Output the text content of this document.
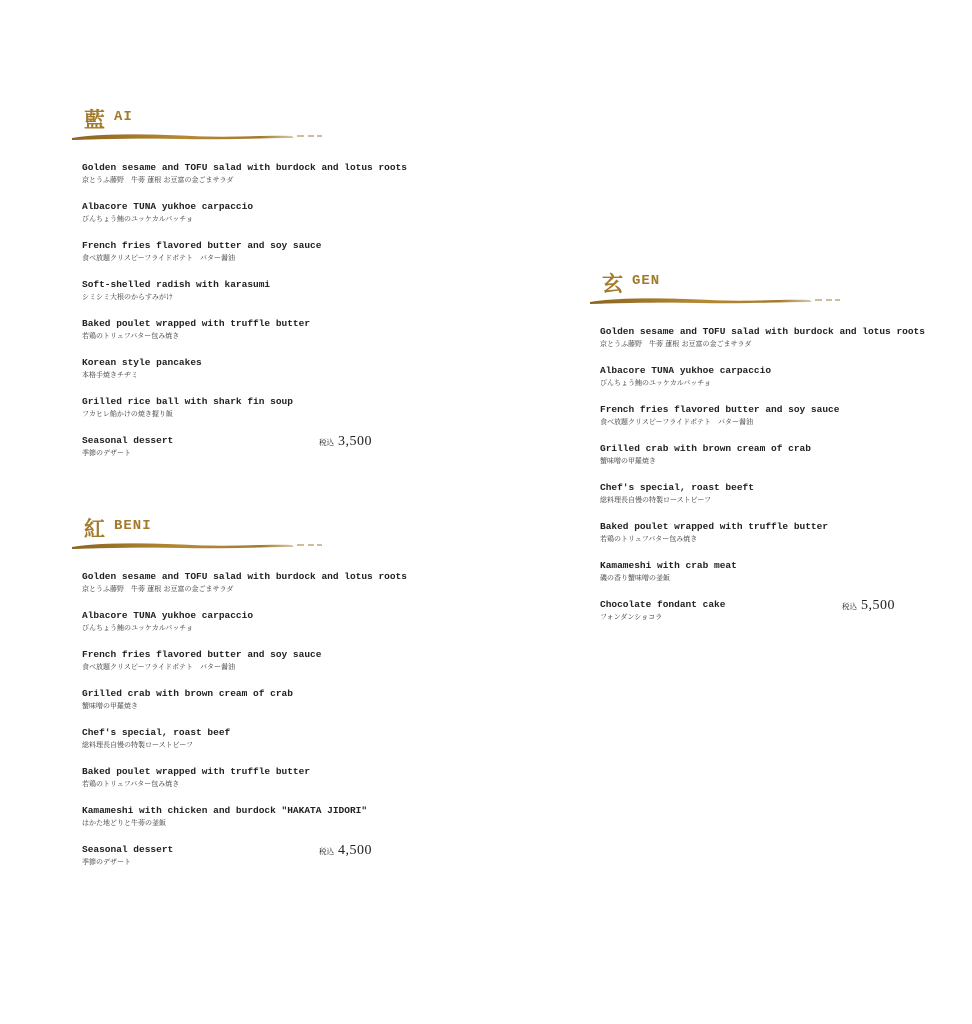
藍 AI
Golden sesame and TOFU salad with burdock and lotus roots
京とうふ藤野　牛蒡 蓮根 お豆富の金ごまサラダ
Albacore TUNA yukhoe carpaccio
びんちょう鮪のユッケカルパッチョ
French fries flavored butter and soy sauce
食べ放題クリスピーフライドポテト　バター醤油
Soft-shelled radish with karasumi
シミシミ大根のからすみがけ
Baked poulet wrapped with truffle butter
若鶏のトリュフバター包み焼き
Korean style pancakes
本格手焼きチヂミ
Grilled rice ball with shark fin soup
フカヒレ餡かけの焼き握り飯
Seasonal dessert
季節のデザート
税込 3,500
紅 BENI
Golden sesame and TOFU salad with burdock and lotus roots
京とうふ藤野　牛蒡 蓮根 お豆富の金ごまサラダ
Albacore TUNA yukhoe carpaccio
びんちょう鮪のユッケカルパッチョ
French fries flavored butter and soy sauce
食べ放題クリスピーフライドポテト　バター醤油
Grilled crab with brown cream of crab
蟹味噌の甲羅焼き
Chef's special, roast beef
総料理長自慢の特製ローストビーフ
Baked poulet wrapped with truffle butter
若鶏のトリュフバター包み焼き
Kamameshi with chicken and burdock "HAKATA JIDORI"
はかた地どりと牛蒡の釜飯
Seasonal dessert
季節のデザート
税込 4,500
玄 GEN
Golden sesame and TOFU salad with burdock and lotus roots
京とうふ藤野　牛蒡 蓮根 お豆富の金ごまサラダ
Albacore TUNA yukhoe carpaccio
びんちょう鮪のユッケカルパッチョ
French fries flavored butter and soy sauce
食べ放題クリスピーフライドポテト　バター醤油
Grilled crab with brown cream of crab
蟹味噌の甲羅焼き
Chef's special, roast beeft
総料理長自慢の特製ローストビーフ
Baked poulet wrapped with truffle butter
若鶏のトリュフバター包み焼き
Kamameshi with crab meat
磯の香り蟹味噌の釜飯
Chocolate fondant cake
フォンダンショコラ
税込 5,500
